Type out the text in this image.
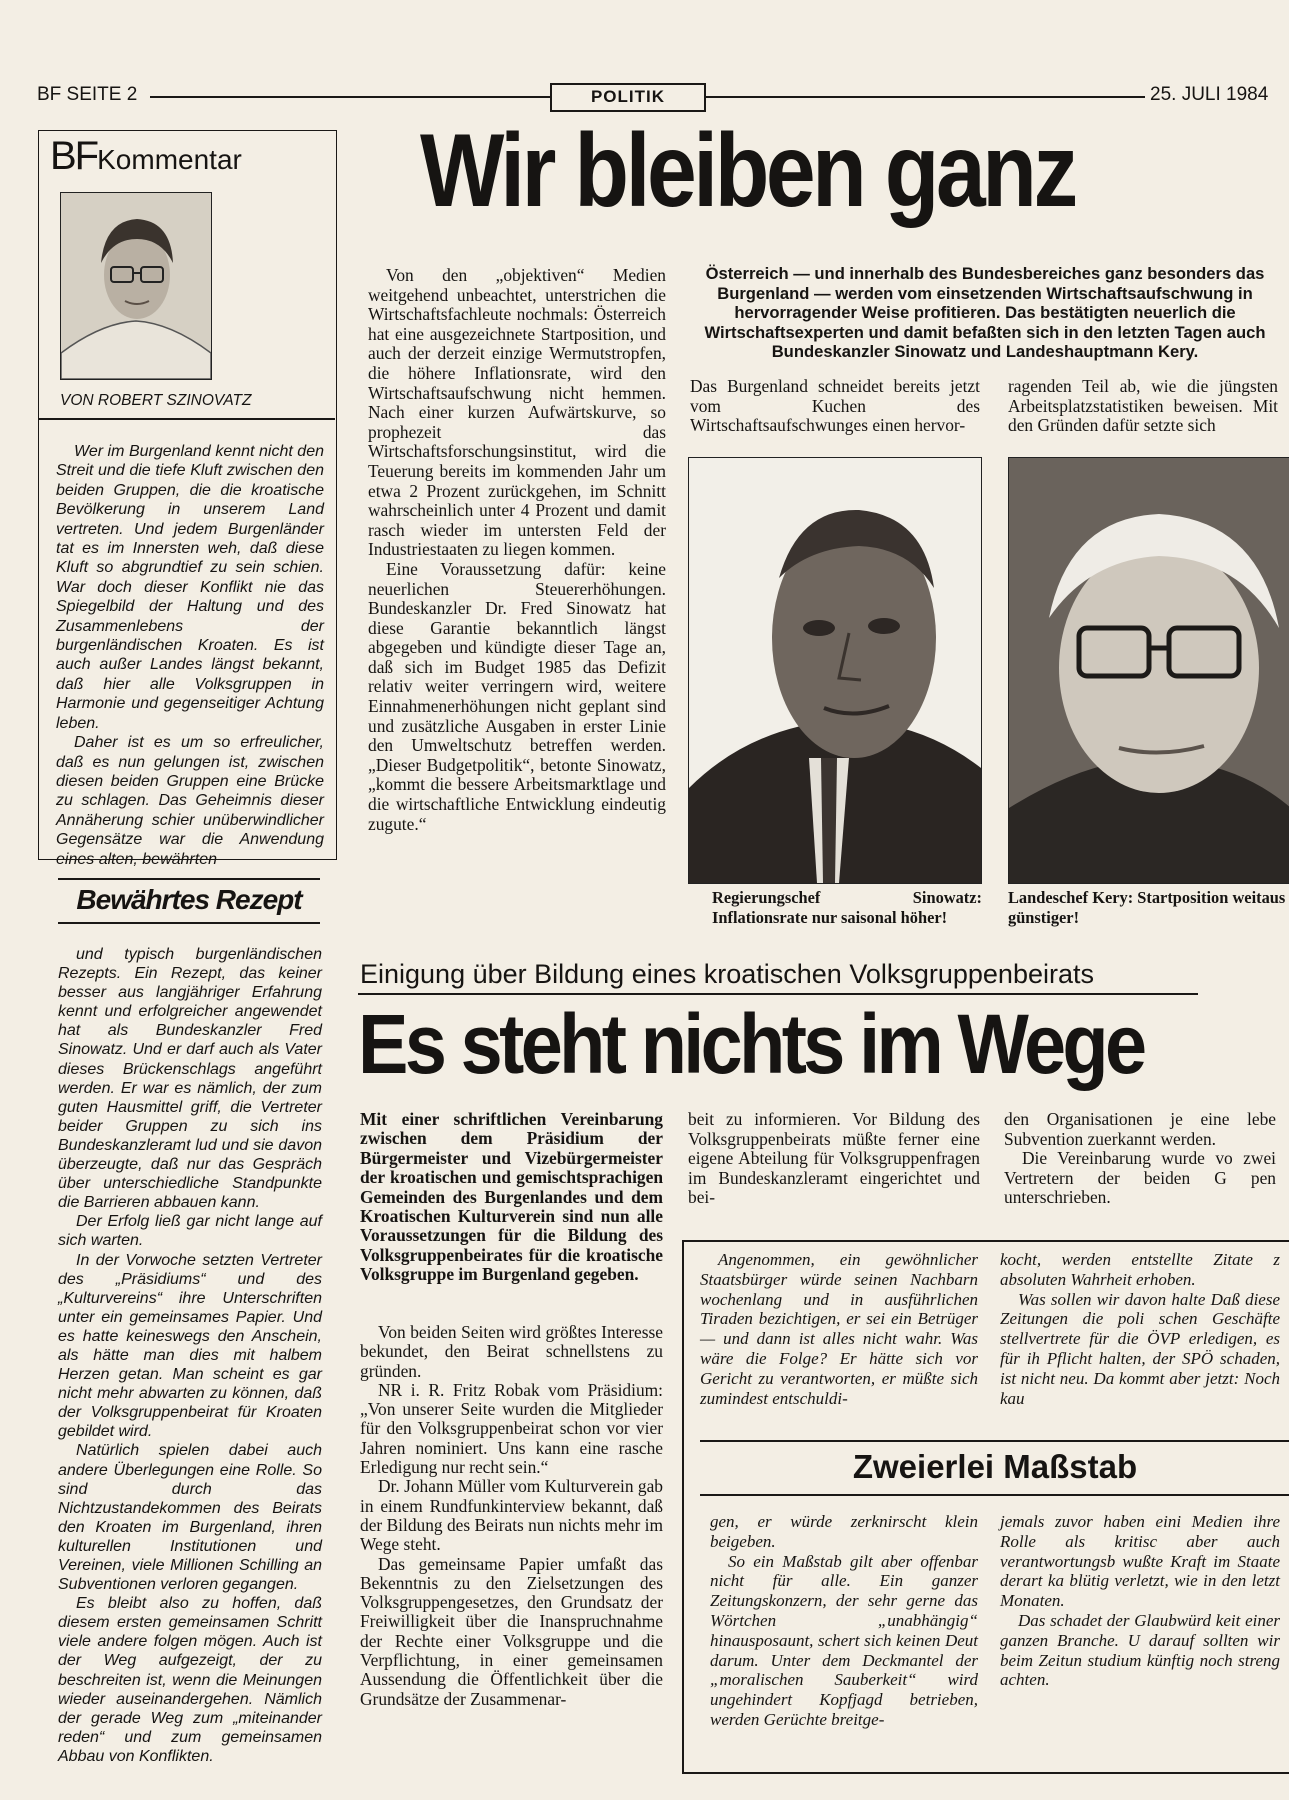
BF SEITE 2	POLITIK	25. JULI 1984
BFKommentar
VON ROBERT SZINOVATZ

Wer im Burgenland kennt nicht den Streit und die tiefe Kluft zwischen den beiden Gruppen, die die kroatische Bevölkerung in unserem Land vertreten. Und jedem Burgenländer tat es im Innersten weh, daß diese Kluft so abgrundtief zu sein schien. War doch dieser Konflikt nie das Spiegelbild der Haltung und des Zusammenlebens der burgenländischen Kroaten. Es ist auch außer Landes längst bekannt, daß hier alle Volksgruppen in Harmonie und gegenseitiger Achtung leben.

Daher ist es um so erfreulicher, daß es nun gelungen ist, zwischen diesen beiden Gruppen eine Brücke zu schlagen. Das Geheimnis dieser Annäherung schier unüberwindlicher Gegensätze war die Anwendung eines alten, bewährten

Bewährtes Rezept

und typisch burgenländischen Rezepts. Ein Rezept, das keiner besser aus langjähriger Erfahrung kennt und erfolgreicher angewendet hat als Bundeskanzler Fred Sinowatz. Und er darf auch als Vater dieses Brückenschlags angeführt werden. Er war es nämlich, der zum guten Hausmittel griff, die Vertreter beider Gruppen zu sich ins Bundeskanzleramt lud und sie davon überzeugte, daß nur das Gespräch über unterschiedliche Standpunkte die Barrieren abbauen kann.

Der Erfolg ließ gar nicht lange auf sich warten.

In der Vorwoche setzten Vertreter des „Präsidiums“ und des „Kulturvereins“ ihre Unterschriften unter ein gemeinsames Papier. Und es hatte keineswegs den Anschein, als hätte man dies mit halbem Herzen getan. Man scheint es gar nicht mehr abwarten zu können, daß der Volksgruppenbeirat für Kroaten gebildet wird.

Natürlich spielen dabei auch andere Überlegungen eine Rolle. So sind durch das Nichtzustandekommen des Beirats den Kroaten im Burgenland, ihren kulturellen Institutionen und Vereinen, viele Millionen Schilling an Subventionen verloren gegangen.

Es bleibt also zu hoffen, daß diesem ersten gemeinsamen Schritt viele andere folgen mögen. Auch ist der Weg aufgezeigt, der zu beschreiten ist, wenn die Meinungen wieder auseinandergehen. Nämlich der gerade Weg zum „miteinander reden“ und zum gemeinsamen Abbau von Konflikten.

Wir bleiben ganz

Von den „objektiven“ Medien weitgehend unbeachtet, unterstrichen die Wirtschaftsfachleute nochmals: Österreich hat eine ausgezeichnete Startposition, und auch der derzeit einzige Wermutstropfen, die höhere Inflationsrate, wird den Wirtschaftsaufschwung nicht hemmen. Nach einer kurzen Aufwärtskurve, so prophezeit das Wirtschaftsforschungsinstitut, wird die Teuerung bereits im kommenden Jahr um etwa 2 Prozent zurückgehen, im Schnitt wahrscheinlich unter 4 Prozent und damit rasch wieder im untersten Feld der Industriestaaten zu liegen kommen.

Eine Voraussetzung dafür: keine neuerlichen Steuererhöhungen. Bundeskanzler Dr. Fred Sinowatz hat diese Garantie bekanntlich längst abgegeben und kündigte dieser Tage an, daß sich im Budget 1985 das Defizit relativ weiter verringern wird, weitere Einnahmenerhöhungen nicht geplant sind und zusätzliche Ausgaben in erster Linie den Umweltschutz betreffen werden. „Dieser Budgetpolitik“, betonte Sinowatz, „kommt die bessere Arbeitsmarktlage und die wirtschaftliche Entwicklung eindeutig zugute.“

Österreich — und innerhalb des Bundesbereiches ganz besonders das Burgenland — werden vom einsetzenden Wirtschaftsaufschwung in hervorragender Weise profitieren. Das bestätigten neuerlich die Wirtschaftsexperten und damit befaßten sich in den letzten Tagen auch Bundeskanzler Sinowatz und Landeshauptmann Kery.
Das Burgenland schneidet bereits jetzt vom Kuchen des Wirtschaftsaufschwunges einen hervor-
ragenden Teil ab, wie die jüngsten Arbeitsplatzstatistiken beweisen. Mit den Gründen dafür setzte sich
Regierungschef Sinowatz: Inflationsrate nur saisonal höher!
Landeschef Kery: Startposition weitaus günstiger!
Einigung über Bildung eines kroatischen Volksgruppenbeirats
Es steht nichts im Wege
Mit einer schriftlichen Vereinbarung zwischen dem Präsidium der Bürgermeister und Vizebürgermeister der kroatischen und gemischtsprachigen Gemeinden des Burgenlandes und dem Kroatischen Kulturverein sind nun alle Voraussetzungen für die Bildung des Volksgruppenbeirates für die kroatische Volksgruppe im Burgenland gegeben.

Von beiden Seiten wird größtes Interesse bekundet, den Beirat schnellstens zu gründen.

NR i. R. Fritz Robak vom Präsidium: „Von unserer Seite wurden die Mitglieder für den Volksgruppenbeirat schon vor vier Jahren nominiert. Uns kann eine rasche Erledigung nur recht sein.“

Dr. Johann Müller vom Kulturverein gab in einem Rundfunkinterview bekannt, daß der Bildung des Beirats nun nichts mehr im Wege steht.

Das gemeinsame Papier umfaßt das Bekenntnis zu den Zielsetzungen des Volksgruppengesetzes, den Grundsatz der Freiwilligkeit über die Inanspruchnahme der Rechte einer Volksgruppe und die Verpflichtung, in einer gemeinsamen Aussendung die Öffentlichkeit über die Grundsätze der Zusammenar-

beit zu informieren. Vor Bildung des Volksgruppenbeirats müßte ferner eine eigene Abteilung für Volksgruppenfragen im Bundeskanzleramt eingerichtet und bei-

den Organisationen je eine lebe Subvention zuerkannt werden.

Die Vereinbarung wurde vo zwei Vertretern der beiden G pen unterschrieben.

Angenommen, ein gewöhnlicher Staatsbürger würde seinen Nachbarn wochenlang und in ausführlichen Tiraden bezichtigen, er sei ein Betrüger — und dann ist alles nicht wahr. Was wäre die Folge? Er hätte sich vor Gericht zu verantworten, er müßte sich zumindest entschuldi-

kocht, werden entstellte Zitate z absoluten Wahrheit erhoben.

Was sollen wir davon halte Daß diese Zeitungen die poli schen Geschäfte stellvertrete für die ÖVP erledigen, es für ih Pflicht halten, der SPÖ schaden, ist nicht neu. Da kommt aber jetzt: Noch kau

Zweierlei Maßstab

gen, er würde zerknirscht klein beigeben.

So ein Maßstab gilt aber offenbar nicht für alle. Ein ganzer Zeitungskonzern, der sehr gerne das Wörtchen „unabhängig“ hinausposaunt, schert sich keinen Deut darum. Unter dem Deckmantel der „moralischen Sauberkeit“ wird ungehindert Kopfjagd betrieben, werden Gerüchte breitge-

jemals zuvor haben eini Medien ihre Rolle als kritisc aber auch verantwortungsb wußte Kraft im Staate derart ka blütig verletzt, wie in den letzt Monaten.

Das schadet der Glaubwürd keit einer ganzen Branche. U darauf sollten wir beim Zeitun studium künftig noch streng achten.
